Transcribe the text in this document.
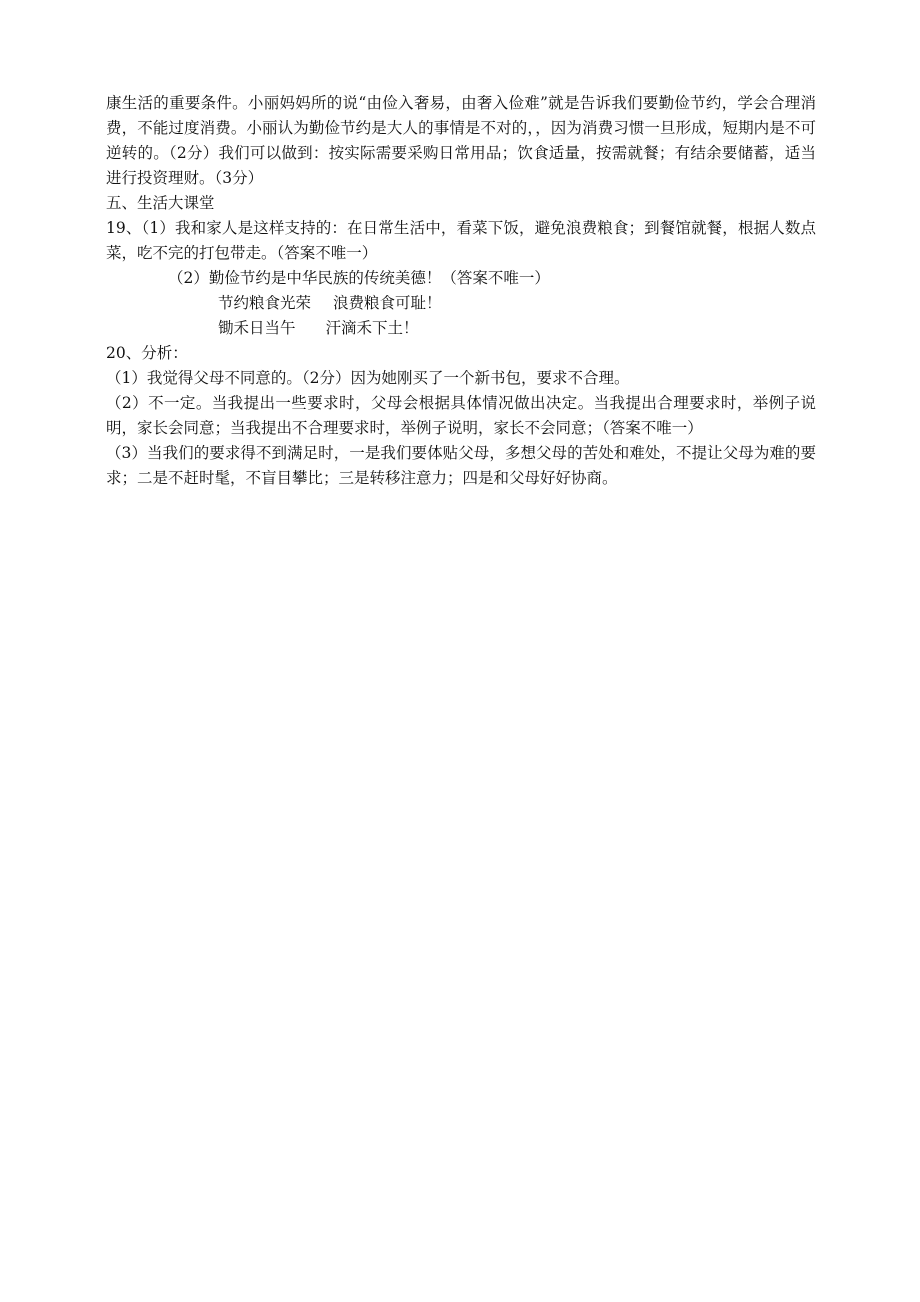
康生活的重要条件。小丽妈妈所的说“由俭入奢易，由奢入俭难”就是告诉我们要勤俭节约，学会合理消费，不能过度消费。小丽认为勤俭节约是大人的事情是不对的，，因为消费习惯一旦形成，短期内是不可逆转的。（2分）我们可以做到：按实际需要采购日常用品；饮食适量，按需就餐；有结余要储蓄，适当进行投资理财。（3分）

五、生活大课堂

19、（1）我和家人是这样支持的：在日常生活中，看菜下饭，避免浪费粮食；到餐馆就餐，根据人数点菜，吃不完的打包带走。（答案不唯一）

（2）勤俭节约是中华民族的传统美德！（答案不唯一）

节约粮食光荣 浪费粮食可耻！

锄禾日当午 汗滴禾下土！

20、分析：

（1）我觉得父母不同意的。（2分）因为她刚买了一个新书包，要求不合理。

（2）不一定。当我提出一些要求时，父母会根据具体情况做出决定。当我提出合理要求时，举例子说明，家长会同意；当我提出不合理要求时，举例子说明，家长不会同意；（答案不唯一）

（3）当我们的要求得不到满足时，一是我们要体贴父母，多想父母的苦处和难处，不提让父母为难的要求；二是不赶时髦，不盲目攀比；三是转移注意力；四是和父母好好协商。
